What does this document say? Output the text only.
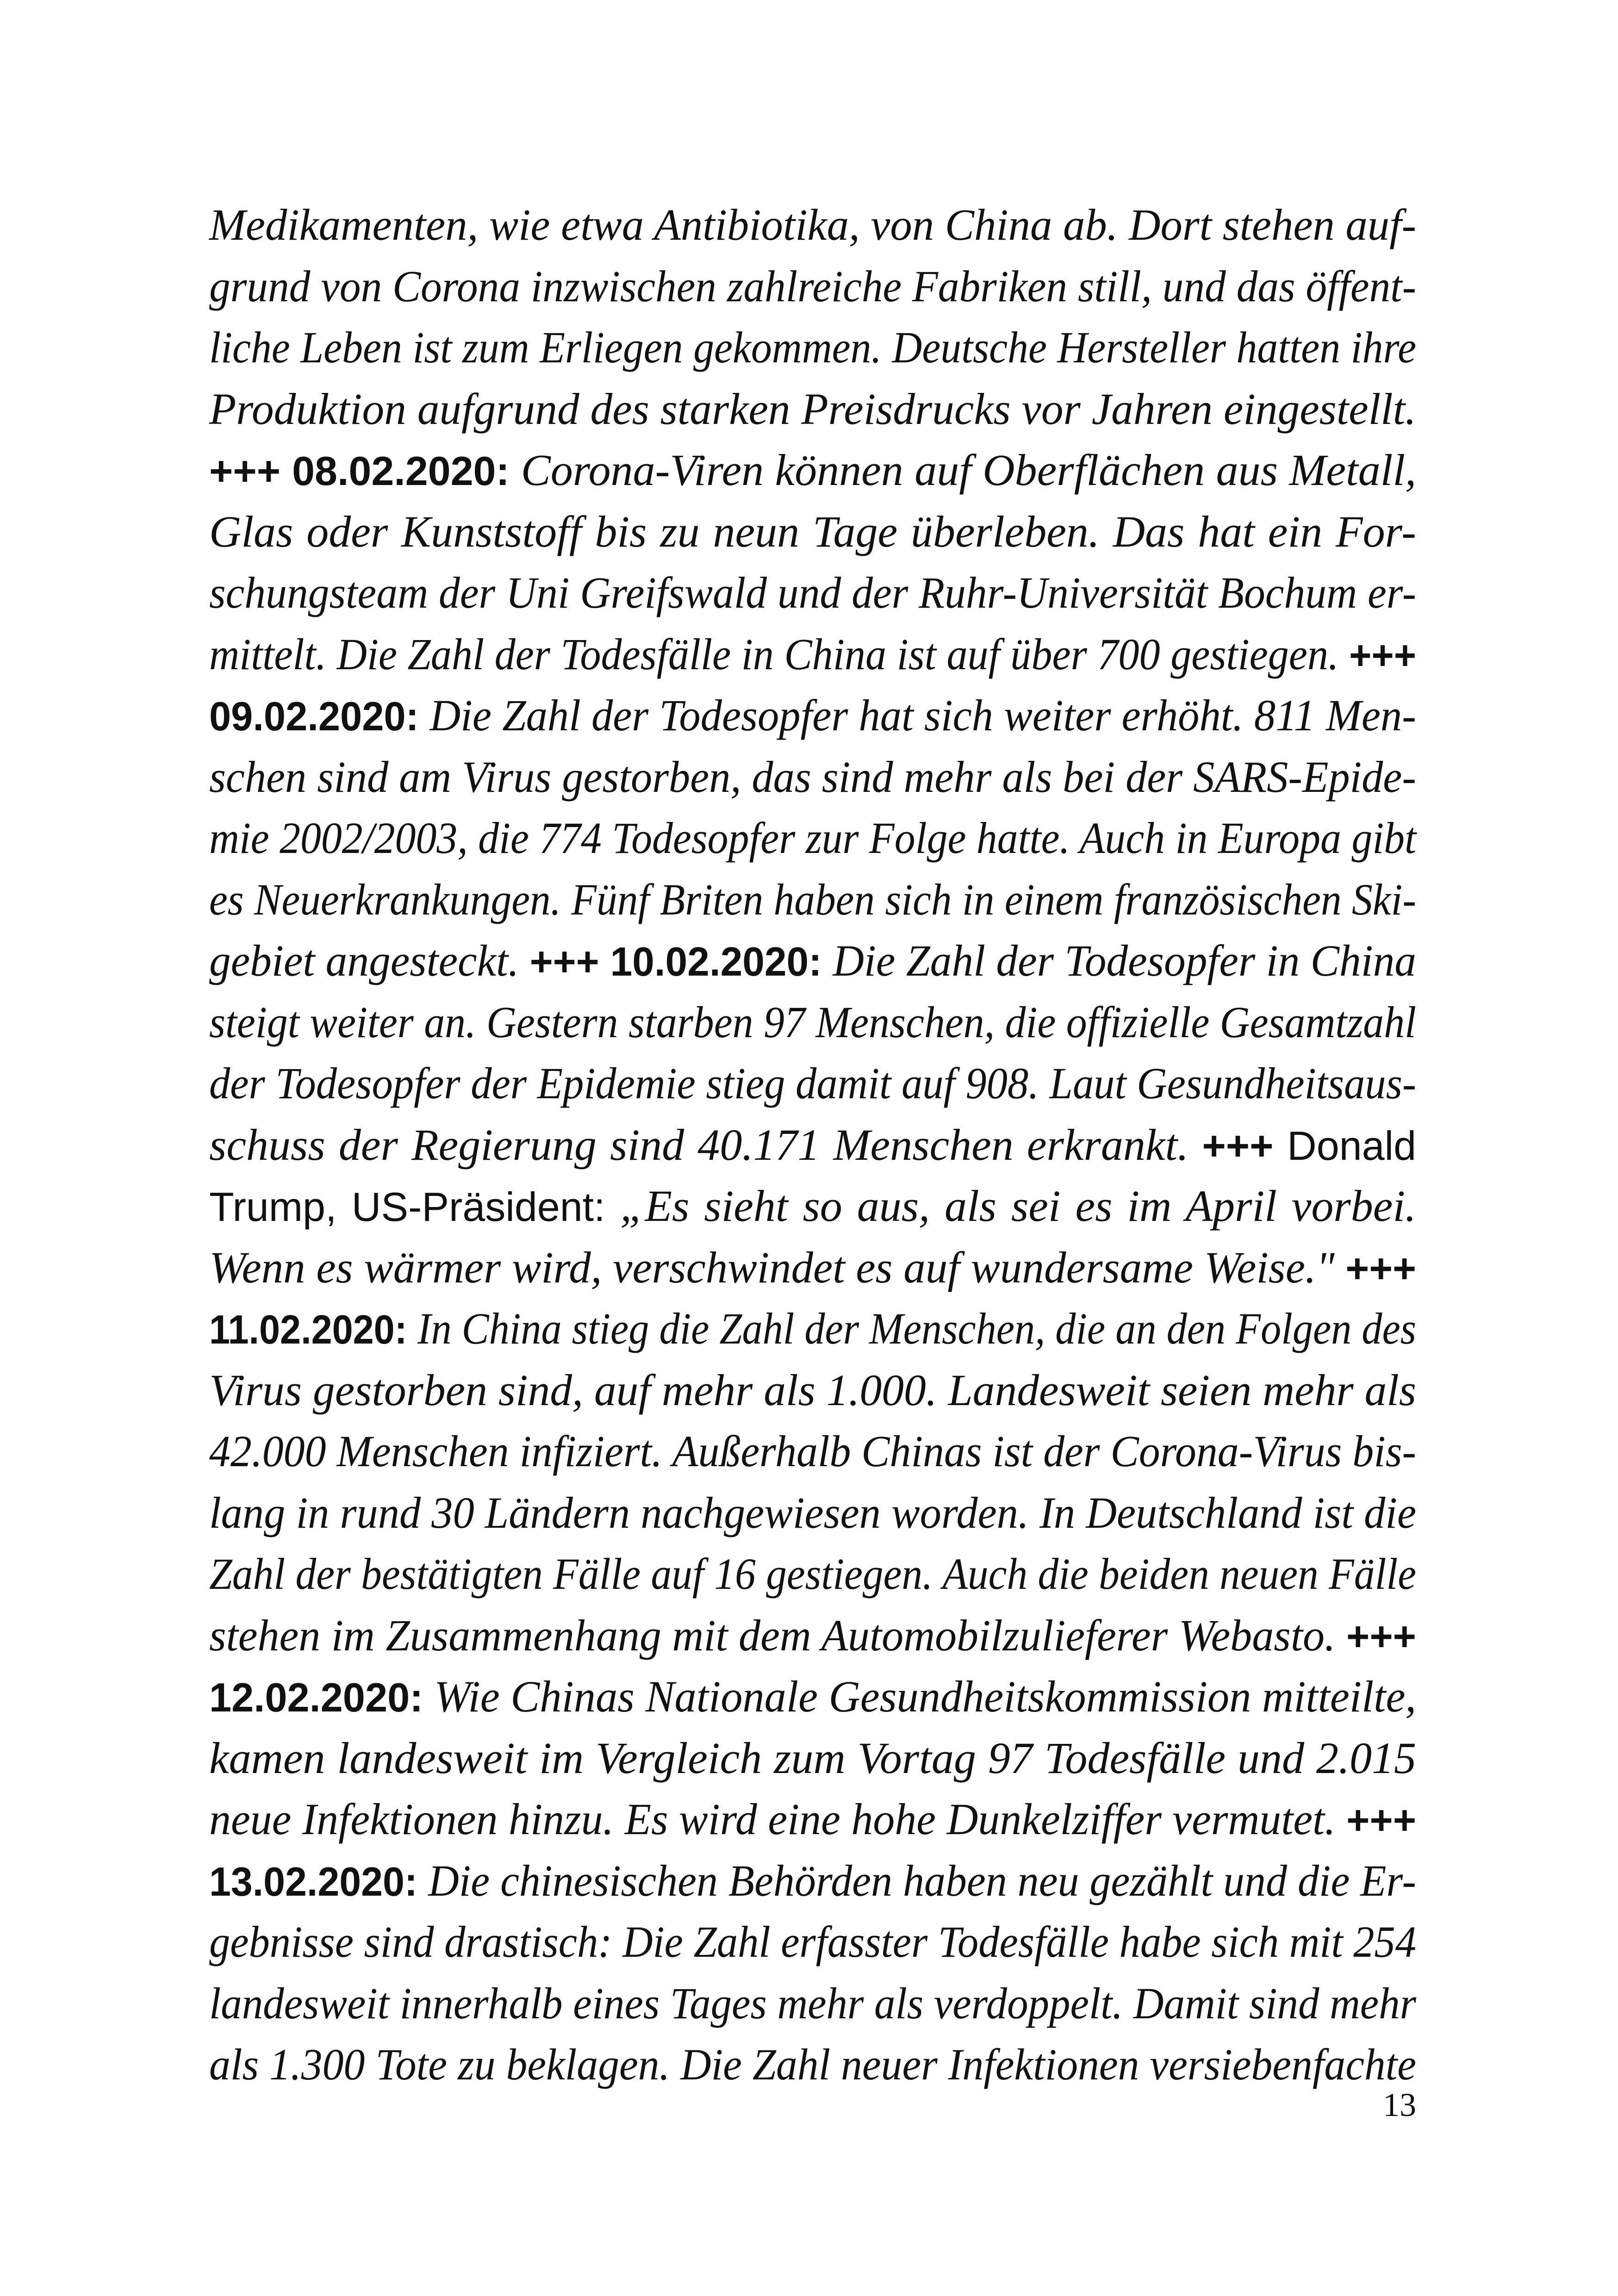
Medikamenten, wie etwa Antibiotika, von China ab. Dort stehen auf-
grund von Corona inzwischen zahlreiche Fabriken still, und das öffent-
liche Leben ist zum Erliegen gekommen. Deutsche Hersteller hatten ihre
Produktion aufgrund des starken Preisdrucks vor Jahren eingestellt.
+++ 08.02.2020: Corona-Viren können auf Oberflächen aus Metall,
Glas oder Kunststoff bis zu neun Tage überleben. Das hat ein For-
schungsteam der Uni Greifswald und der Ruhr-Universität Bochum er-
mittelt. Die Zahl der Todesfälle in China ist auf über 700 gestiegen. +++
09.02.2020: Die Zahl der Todesopfer hat sich weiter erhöht. 811 Men-
schen sind am Virus gestorben, das sind mehr als bei der SARS-Epide-
mie 2002/2003, die 774 Todesopfer zur Folge hatte. Auch in Europa gibt
es Neuerkrankungen. Fünf Briten haben sich in einem französischen Ski-
gebiet angesteckt. +++ 10.02.2020: Die Zahl der Todesopfer in China
steigt weiter an. Gestern starben 97 Menschen, die offizielle Gesamtzahl
der Todesopfer der Epidemie stieg damit auf 908. Laut Gesundheitsaus-
schuss der Regierung sind 40.171 Menschen erkrankt. +++ Donald
Trump, US-Präsident: „Es sieht so aus, als sei es im April vorbei.
Wenn es wärmer wird, verschwindet es auf wundersame Weise." +++
11.02.2020: In China stieg die Zahl der Menschen, die an den Folgen des
Virus gestorben sind, auf mehr als 1.000. Landesweit seien mehr als
42.000 Menschen infiziert. Außerhalb Chinas ist der Corona-Virus bis-
lang in rund 30 Ländern nachgewiesen worden. In Deutschland ist die
Zahl der bestätigten Fälle auf 16 gestiegen. Auch die beiden neuen Fälle
stehen im Zusammenhang mit dem Automobilzulieferer Webasto. +++
12.02.2020: Wie Chinas Nationale Gesundheitskommission mitteilte,
kamen landesweit im Vergleich zum Vortag 97 Todesfälle und 2.015
neue Infektionen hinzu. Es wird eine hohe Dunkelziffer vermutet. +++
13.02.2020: Die chinesischen Behörden haben neu gezählt und die Er-
gebnisse sind drastisch: Die Zahl erfasster Todesfälle habe sich mit 254
landesweit innerhalb eines Tages mehr als verdoppelt. Damit sind mehr
als 1.300 Tote zu beklagen. Die Zahl neuer Infektionen versiebenfachte
13
